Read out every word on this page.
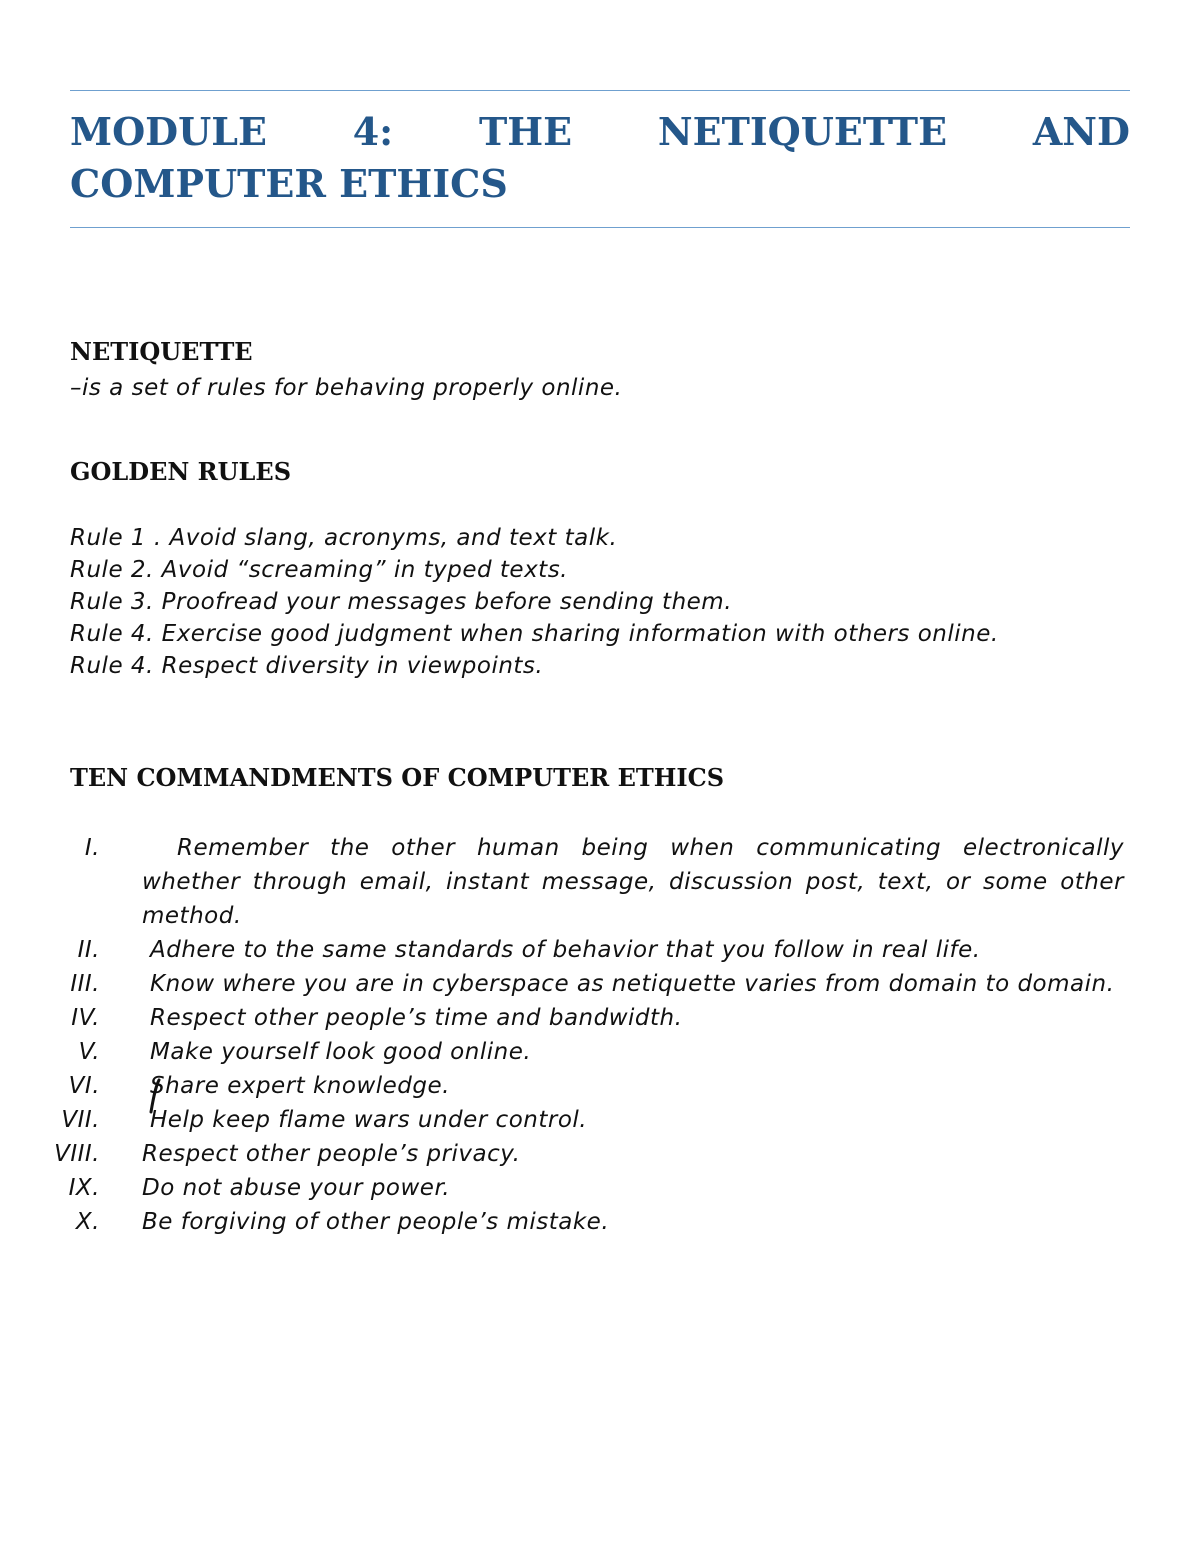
MODULE 4: THE NETIQUETTE AND
COMPUTER ETHICS
NETIQUETTE
–is a set of rules for behaving properly online.
GOLDEN RULES
Rule 1 . Avoid slang, acronyms, and text talk.
Rule 2. Avoid “screaming” in typed texts.
Rule 3. Proofread your messages before sending them.
Rule 4. Exercise good judgment when sharing information with others online.
Rule 4. Respect diversity in viewpoints.
TEN COMMANDMENTS OF COMPUTER ETHICS
I.	Remember the other human being when communicating electronically whether through email, instant message, discussion post, text, or some other method.
II.	Adhere to the same standards of behavior that you follow in real life.
III.	Know where you are in cyberspace as netiquette varies from domain to domain.
IV.	Respect other people’s time and bandwidth.
V.	Make yourself look good online.
VI.	Share expert knowledge.
VII.	Help keep flame wars under control.
VIII. Respect other people’s privacy.
IX. Do not abuse your power.
X. Be forgiving of other people’s mistake.
